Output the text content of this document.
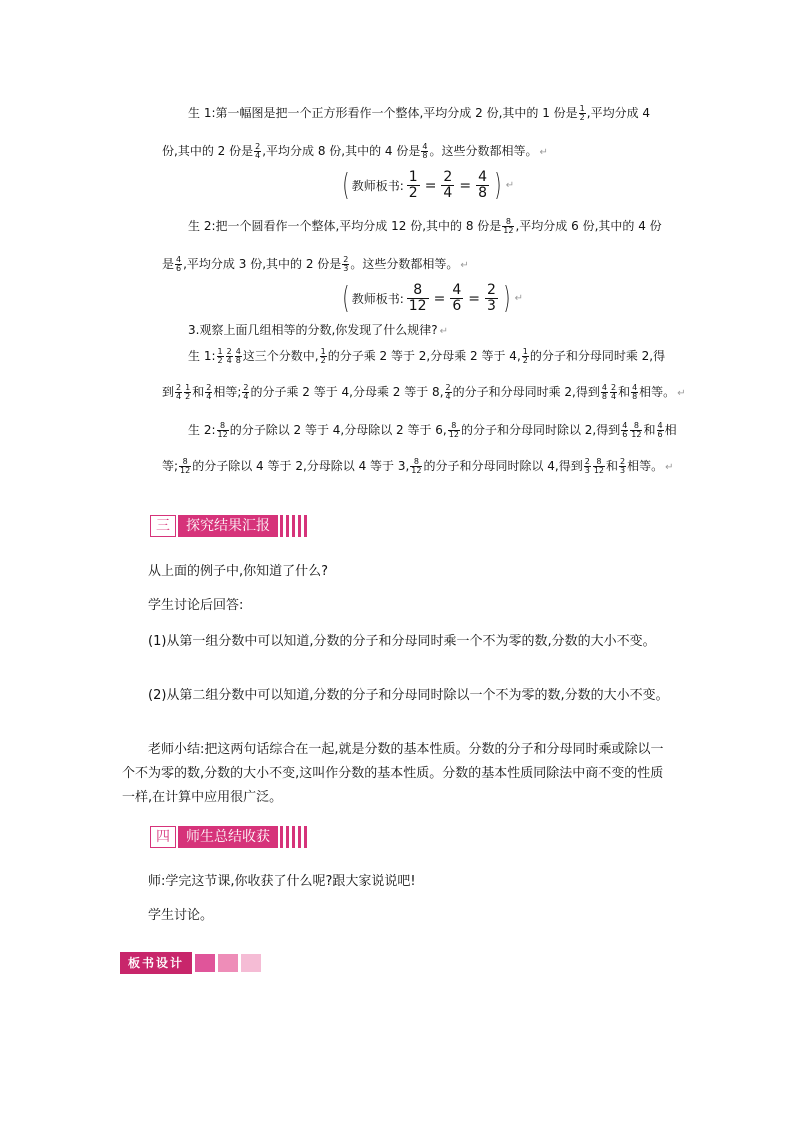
生 1:第一幅图是把一个正方形看作一个整体,平均分成 2 份,其中的 1 份是 $\frac{1}{2}$ ,平均分成 4
份,其中的 2 份是 $\frac{2}{4}$ ,平均分成 8 份,其中的 4 份是 $\frac{4}{8}$ 。这些分数都相等。 ↵
( 教师板书: $\frac{1}{2} = \frac{2}{4} = \frac{4}{8}$ ) ↵
生 2:把一个圆看作一个整体,平均分成 12 份,其中的 8 份是 $\frac{8}{12}$ ,平均分成 6 份,其中的 4 份
是 $\frac{4}{6}$ ,平均分成 3 份,其中的 2 份是 $\frac{2}{3}$ 。这些分数都相等。 ↵
( 教师板书: $\frac{8}{12} = \frac{4}{6} = \frac{2}{3}$ ) ↵
3.观察上面几组相等的分数,你发现了什么规律? ↵
生 1: $\frac{1}{2} \frac{2}{4} \frac{4}{8}$ 这三个分数中, $\frac{1}{2}$ 的分子乘 2 等于 2,分母乘 2 等于 4, $\frac{1}{2}$ 的分子和分母同时乘 2,得
到 $\frac{2}{4} \frac{1}{2}$ 和 $\frac{2}{4}$ 相等; $\frac{2}{4}$ 的分子乘 2 等于 4,分母乘 2 等于 8, $\frac{2}{4}$ 的分子和分母同时乘 2,得到 $\frac{4}{8} \frac{2}{4}$ 和 $\frac{4}{8}$ 相等。 ↵
生 2: $\frac{8}{12}$ 的分子除以 2 等于 4,分母除以 2 等于 6, $\frac{8}{12}$ 的分子和分母同时除以 2,得到 $\frac{4}{6} \frac{8}{12}$ 和 $\frac{4}{6}$ 相
等; $\frac{8}{12}$ 的分子除以 4 等于 2,分母除以 4 等于 3, $\frac{8}{12}$ 的分子和分母同时除以 4,得到 $\frac{2}{3} \frac{8}{12}$ 和 $\frac{2}{3}$ 相等。 ↵
三	探究结果汇报
从上面的例子中,你知道了什么?
学生讨论后回答:
(1)从第一组分数中可以知道,分数的分子和分母同时乘一个不为零的数,分数的大小不变。
(2)从第二组分数中可以知道,分数的分子和分母同时除以一个不为零的数,分数的大小不变。
老师小结:把这两句话综合在一起,就是分数的基本性质。分数的分子和分母同时乘或除以一个不为零的数,分数的大小不变,这叫作分数的基本性质。分数的基本性质同除法中商不变的性质一样,在计算中应用很广泛。
四	师生总结收获
师:学完这节课,你收获了什么呢?跟大家说说吧!
学生讨论。
板书设计
